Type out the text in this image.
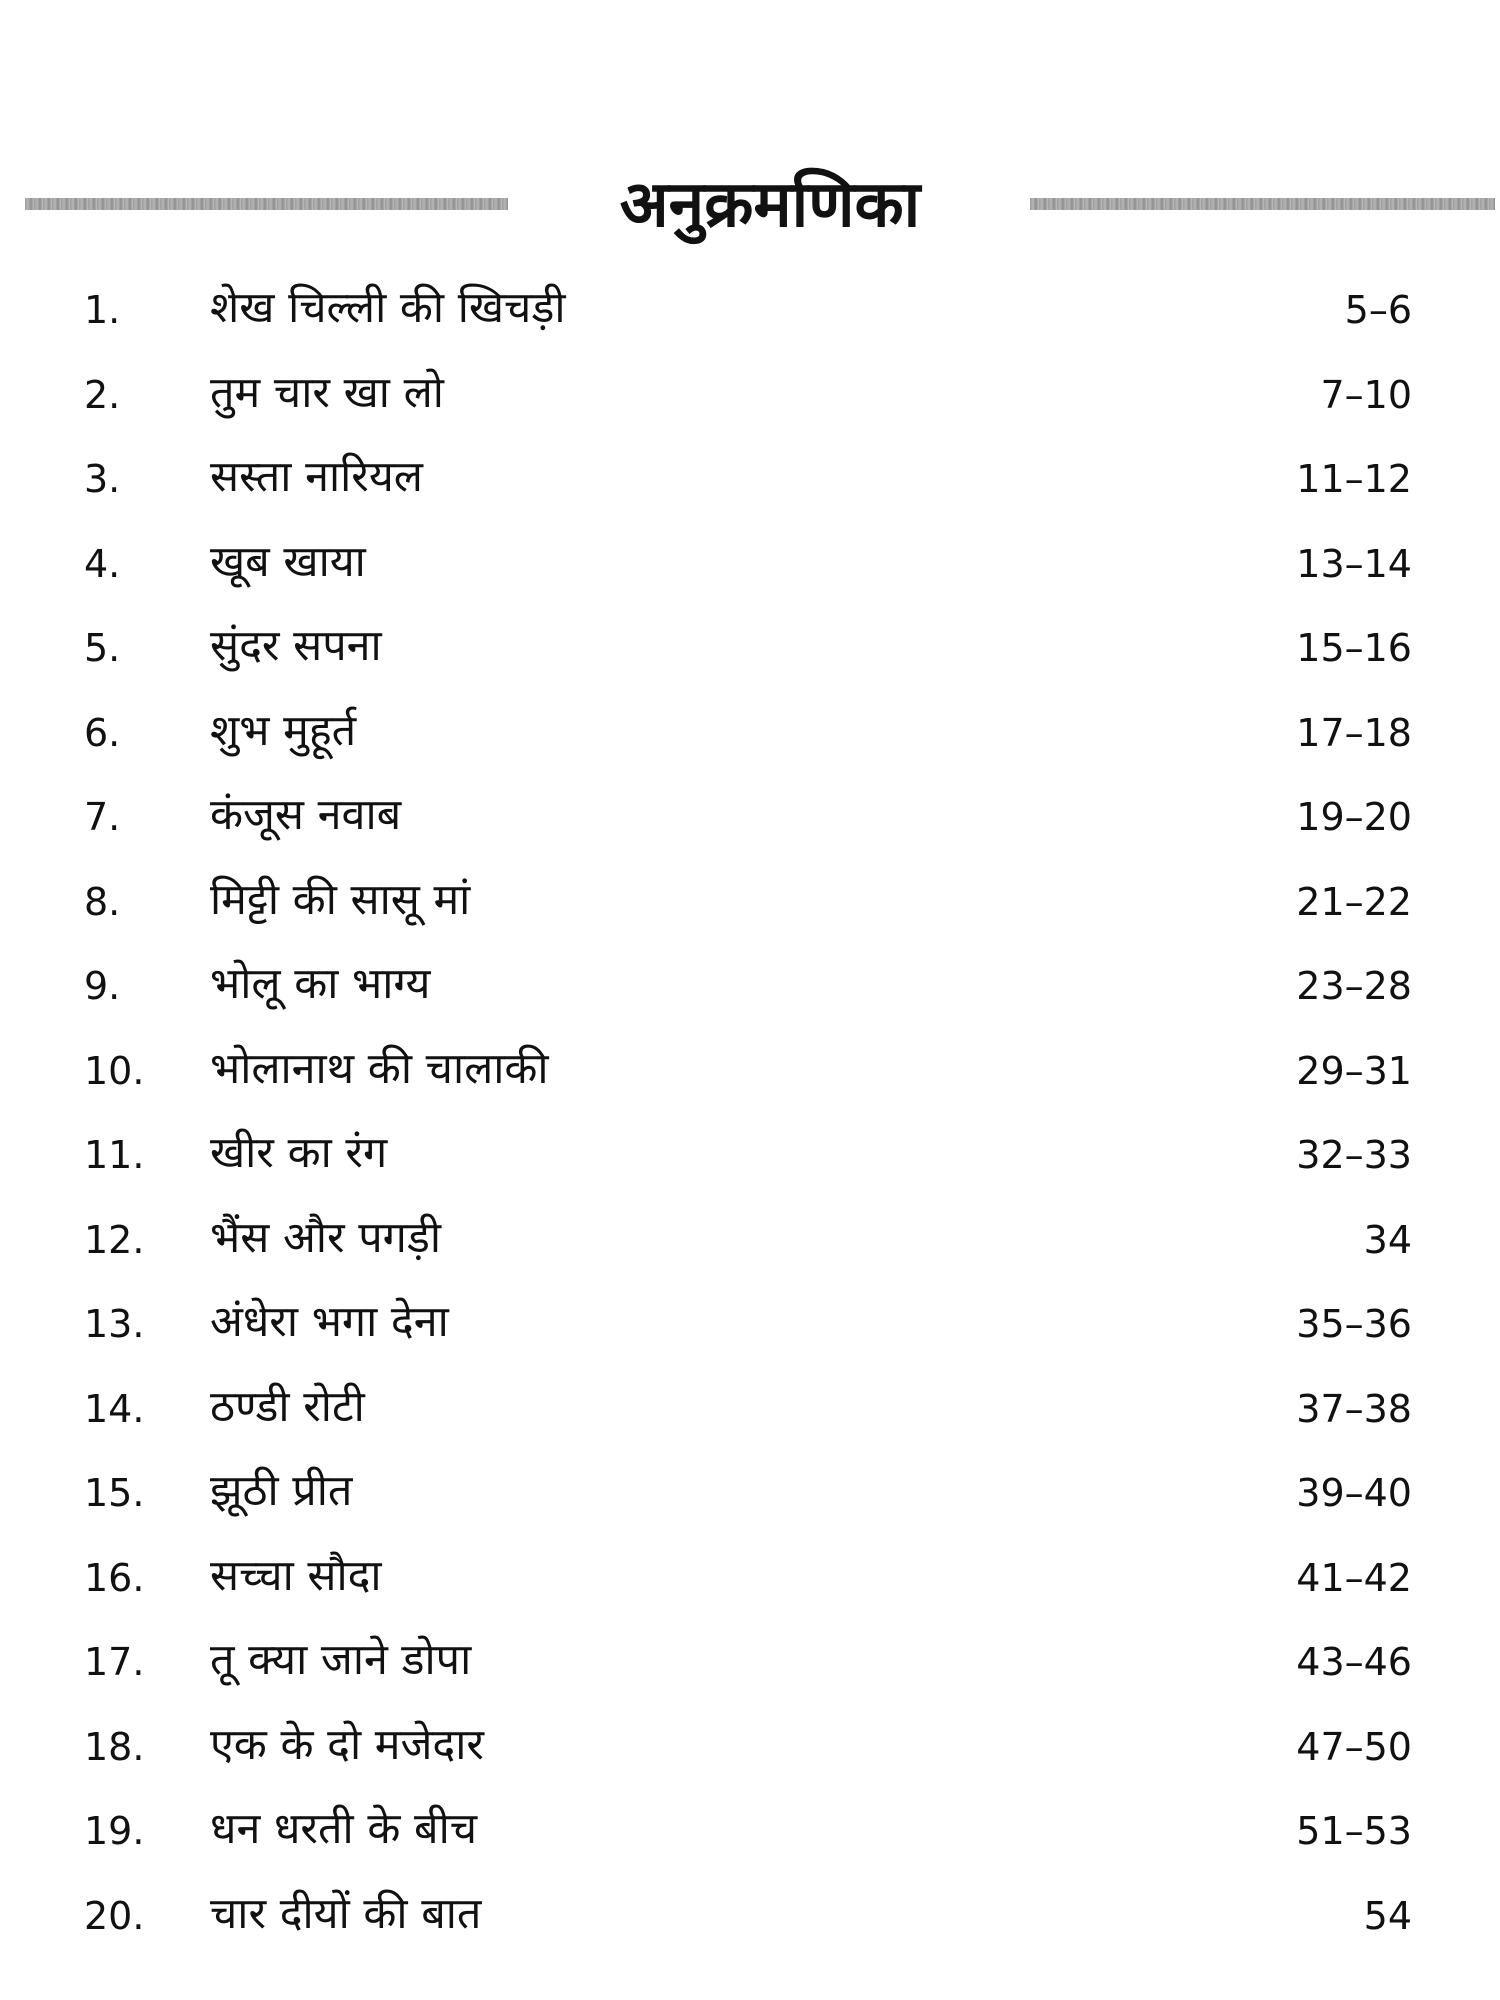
अनुक्रमणिका
1. शेख चिल्ली की खिचड़ी	5–6
2. तुम चार खा लो	7–10
3. सस्ता नारियल	11–12
4. खूब खाया	13–14
5. सुंदर सपना	15–16
6. शुभ मुहूर्त	17–18
7. कंजूस नवाब	19–20
8. मिट्टी की सासू मां	21–22
9. भोलू का भाग्य	23–28
10. भोलानाथ की चालाकी	29–31
11. खीर का रंग	32–33
12. भैंस और पगड़ी	34
13. अंधेरा भगा देना	35–36
14. ठण्डी रोटी	37–38
15. झूठी प्रीत	39–40
16. सच्चा सौदा	41–42
17. तू क्या जाने डोपा	43–46
18. एक के दो मजेदार	47–50
19. धन धरती के बीच	51–53
20. चार दीयों की बात	54
